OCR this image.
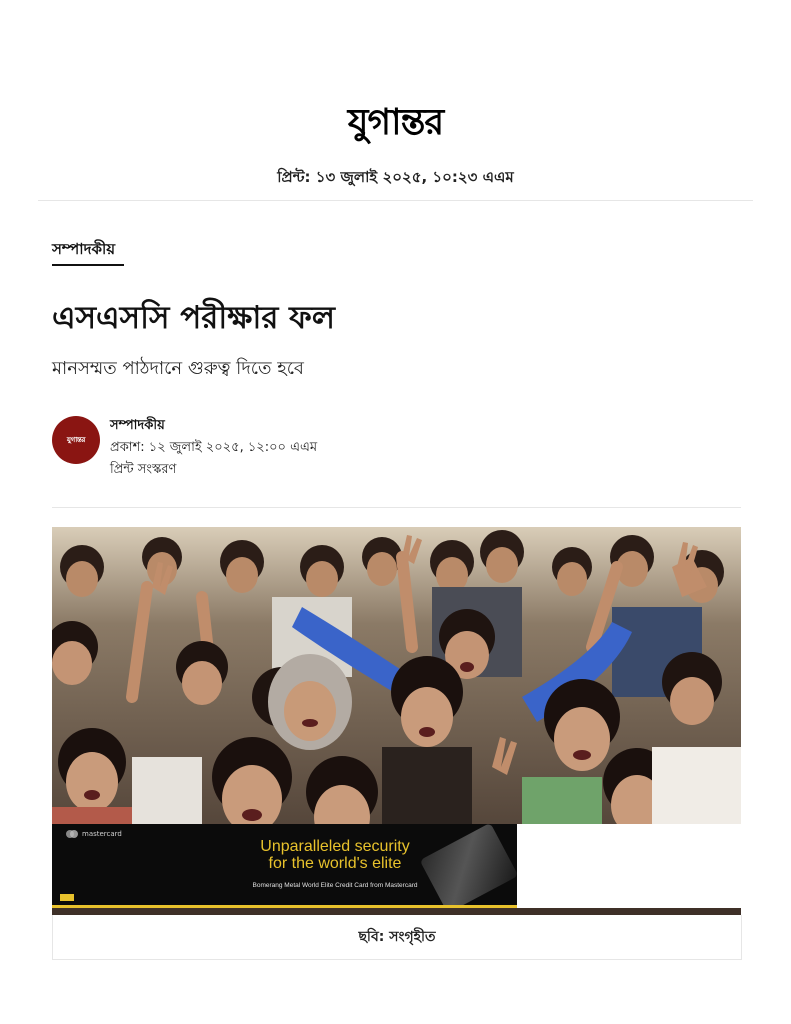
যুগান্তর
প্রিন্ট: ১৩ জুলাই ২০২৫, ১০:২৩ এএম
সম্পাদকীয়
এসএসসি পরীক্ষার ফল
মানসম্মত পাঠদানে গুরুত্ব দিতে হবে
যুগান্তর
সম্পাদকীয়
প্রকাশ: ১২ জুলাই ২০২৫, ১২:০০ এএম
প্রিন্ট সংস্করণ
mastercard
Unparalleled security
for the world's elite
Bomerang Metal World Elite Credit Card from Mastercard
ছবি: সংগৃহীত
